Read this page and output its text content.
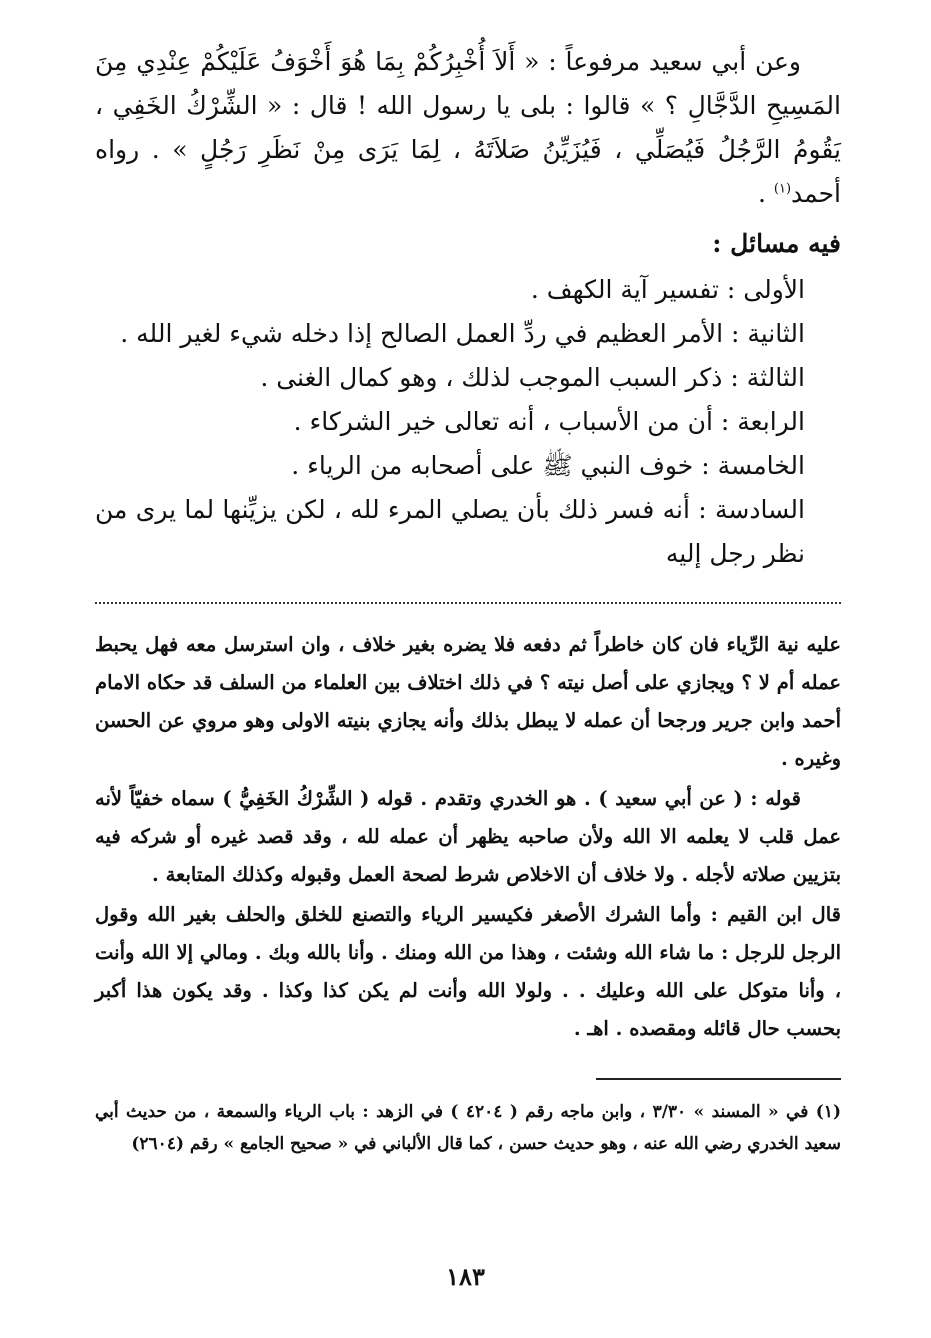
وعن أبي سعيد مرفوعاً : « أَلاَ أُخْبِرُكُمْ بِمَا هُوَ أَخْوَفُ عَلَيْكُمْ عِنْدِي مِنَ المَسِيحِ الدَّجَّالِ ؟ » قالوا : بلى يا رسول الله ! قال : « الشِّرْكُ الخَفِي ، يَقُومُ الرَّجُلُ فَيُصَلِّي ، فَيُزَيِّنُ صَلاَتَهُ ، لِمَا يَرَى مِنْ نَظَرِ رَجُلٍ » . رواه أحمد$^{(١)}$ .

فيه مسائل :

الأولى : تفسير آية الكهف .

الثانية : الأمر العظيم في ردِّ العمل الصالح إذا دخله شيء لغير الله .

الثالثة : ذكر السبب الموجب لذلك ، وهو كمال الغنى .

الرابعة : أن من الأسباب ، أنه تعالى خير الشركاء .

الخامسة : خوف النبي ﷺ على أصحابه من الرياء .

السادسة : أنه فسر ذلك بأن يصلي المرء لله ، لكن يزيِّنها لما يرى من نظر رجل إليه

عليه نية الرِّياء فان كان خاطراً ثم دفعه فلا يضره بغير خلاف ، وان استرسل معه فهل يحبط عمله أم لا ؟ ويجازي على أصل نيته ؟ في ذلك اختلاف بين العلماء من السلف قد حكاه الامام أحمد وابن جرير ورجحا أن عمله لا يبطل بذلك وأنه يجازي بنيته الاولى وهو مروي عن الحسن وغيره .

قوله : ( عن أبي سعيد ) . هو الخدري وتقدم . قوله ( الشِّرْكُ الخَفِيُّ ) سماه خفيّاً لأنه عمل قلب لا يعلمه الا الله ولأن صاحبه يظهر أن عمله لله ، وقد قصد غيره أو شركه فيه بتزيين صلاته لأجله . ولا خلاف أن الاخلاص شرط لصحة العمل وقبوله وكذلك المتابعة .

قال ابن القيم : وأما الشرك الأصغر فكيسير الرياء والتصنع للخلق والحلف بغير الله وقول الرجل للرجل : ما شاء الله وشئت ، وهذا من الله ومنك . وأنا بالله وبك . ومالي إلا الله وأنت ، وأنا متوكل على الله وعليك . . ولولا الله وأنت لم يكن كذا وكذا . وقد يكون هذا أكبر بحسب حال قائله ومقصده . اهـ .

(١) في « المسند » ٣/٣٠ ، وابن ماجه رقم ( ٤٢٠٤ ) في الزهد : باب الرياء والسمعة ، من حديث أبي سعيد الخدري رضي الله عنه ، وهو حديث حسن ، كما قال الألباني في « صحيح الجامع » رقم (٢٦٠٤)

١٨٣
